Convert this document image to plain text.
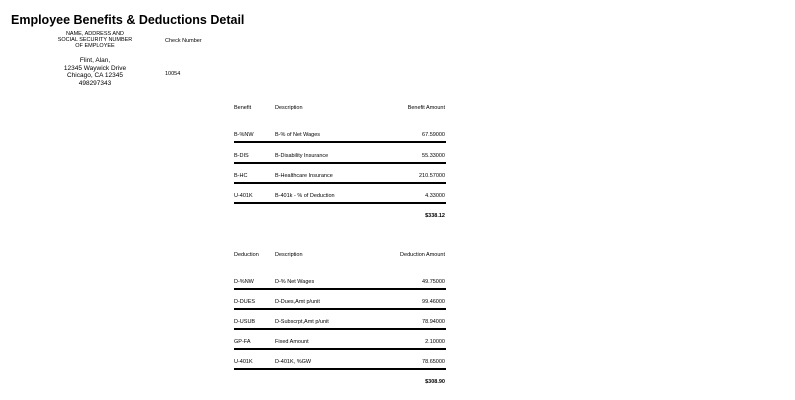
Employee Benefits & Deductions Detail
NAME, ADDRESS AND
SOCIAL SECURITY NUMBER
OF EMPLOYEE
Check Number
Flint, Alan,
12345 Waywick Drive
Chicago, CA 12345
498297343
10054
Benefit	Description	Benefit Amount
B-%NW	B-% of Net Wages	67.59000
B-DIS	B-Disability Insurance	55.33000
B-HC	B-Healthcare Insurance	210.57000
U-401K	B-401k - % of Deduction	4.33000
$338.12
Deduction	Description	Deduction Amount
D-%NW	D-% Net Wages	49.75000
D-DUES	D-Dues,Amt p/unit	99.46000
D-USUB	D-Subscrpt,Amt p/unit	78.94000
GP-FA	Fixed Amount	2.10000
U-401K	D-401K, %GW	78.65000
$308.90
